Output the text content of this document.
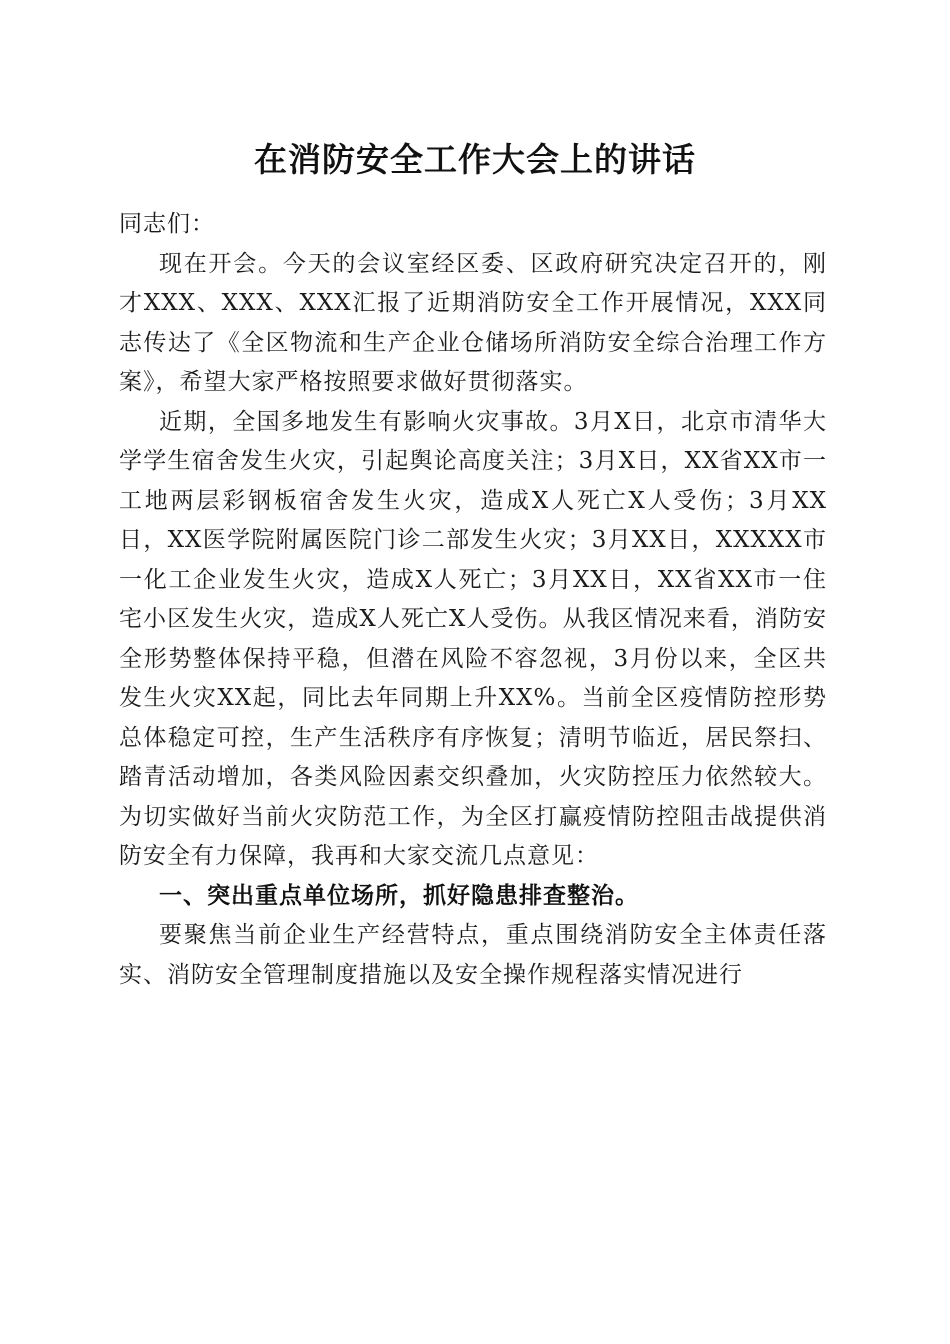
在消防安全工作大会上的讲话

同志们：

现在开会。今天的会议室经区委、区政府研究决定召开的，刚才XXX、XXX、XXX汇报了近期消防安全工作开展情况，XXX同志传达了《全区物流和生产企业仓储场所消防安全综合治理工作方案》，希望大家严格按照要求做好贯彻落实。

近期，全国多地发生有影响火灾事故。3月X日，北京市清华大学学生宿舍发生火灾，引起舆论高度关注；3月X日，XX省XX市一工地两层彩钢板宿舍发生火灾，造成X人死亡X人受伤；3月XX日，XX医学院附属医院门诊二部发生火灾；3月XX日，XXXXX市一化工企业发生火灾，造成X人死亡；3月XX日，XX省XX市一住宅小区发生火灾，造成X人死亡X人受伤。从我区情况来看，消防安全形势整体保持平稳，但潜在风险不容忽视，3月份以来，全区共发生火灾XX起，同比去年同期上升XX%。当前全区疫情防控形势总体稳定可控，生产生活秩序有序恢复；清明节临近，居民祭扫、踏青活动增加，各类风险因素交织叠加，火灾防控压力依然较大。为切实做好当前火灾防范工作，为全区打赢疫情防控阻击战提供消防安全有力保障，我再和大家交流几点意见：

一、突出重点单位场所，抓好隐患排查整治。

要聚焦当前企业生产经营特点，重点围绕消防安全主体责任落实、消防安全管理制度措施以及安全操作规程落实情况进行
